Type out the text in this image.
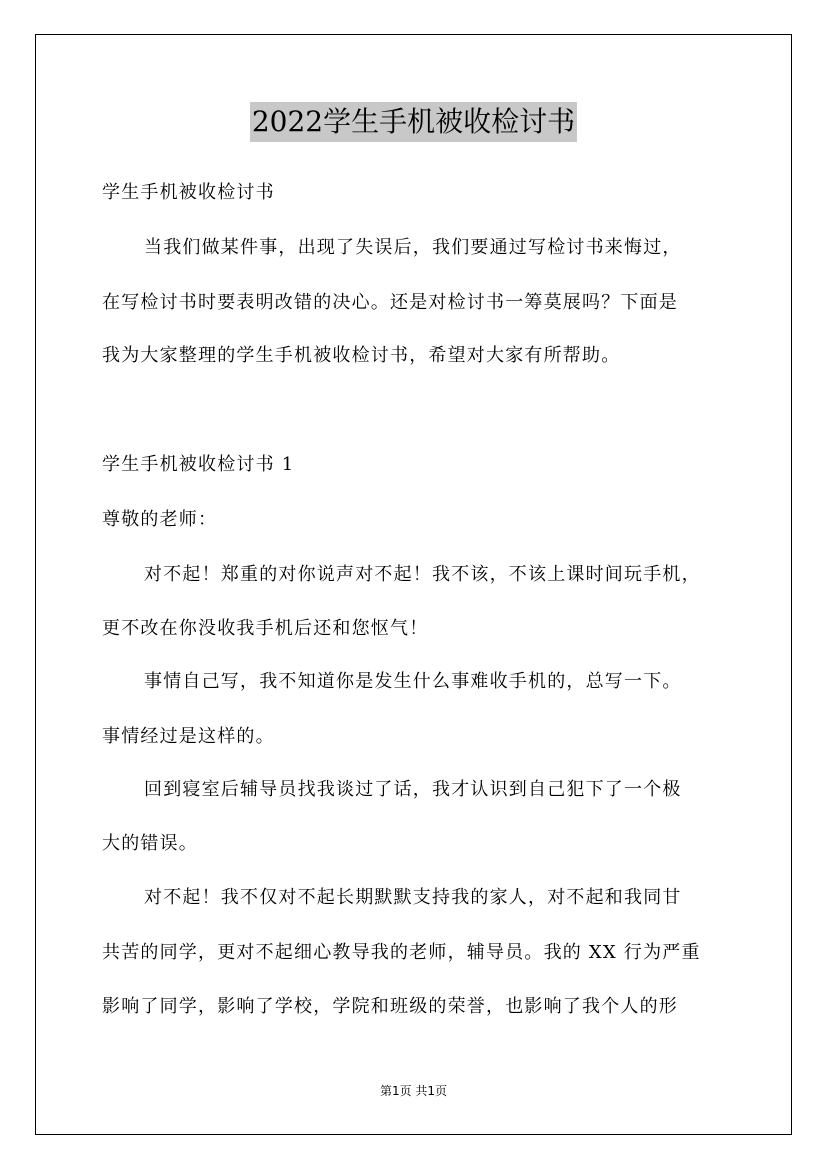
2022学生手机被收检讨书
学生手机被收检讨书
当我们做某件事，出现了失误后，我们要通过写检讨书来悔过，
在写检讨书时要表明改错的决心。还是对检讨书一筹莫展吗？下面是
我为大家整理的学生手机被收检讨书，希望对大家有所帮助。
学生手机被收检讨书 1
尊敬的老师：
对不起！郑重的对你说声对不起！我不该，不该上课时间玩手机，
更不改在你没收我手机后还和您怄气！
事情自己写，我不知道你是发生什么事难收手机的，总写一下。
事情经过是这样的。
回到寝室后辅导员找我谈过了话，我才认识到自己犯下了一个极
大的错误。
对不起！我不仅对不起长期默默支持我的家人，对不起和我同甘
共苦的同学，更对不起细心教导我的老师，辅导员。我的 XX 行为严重
影响了同学，影响了学校，学院和班级的荣誉，也影响了我个人的形
第1页 共1页
